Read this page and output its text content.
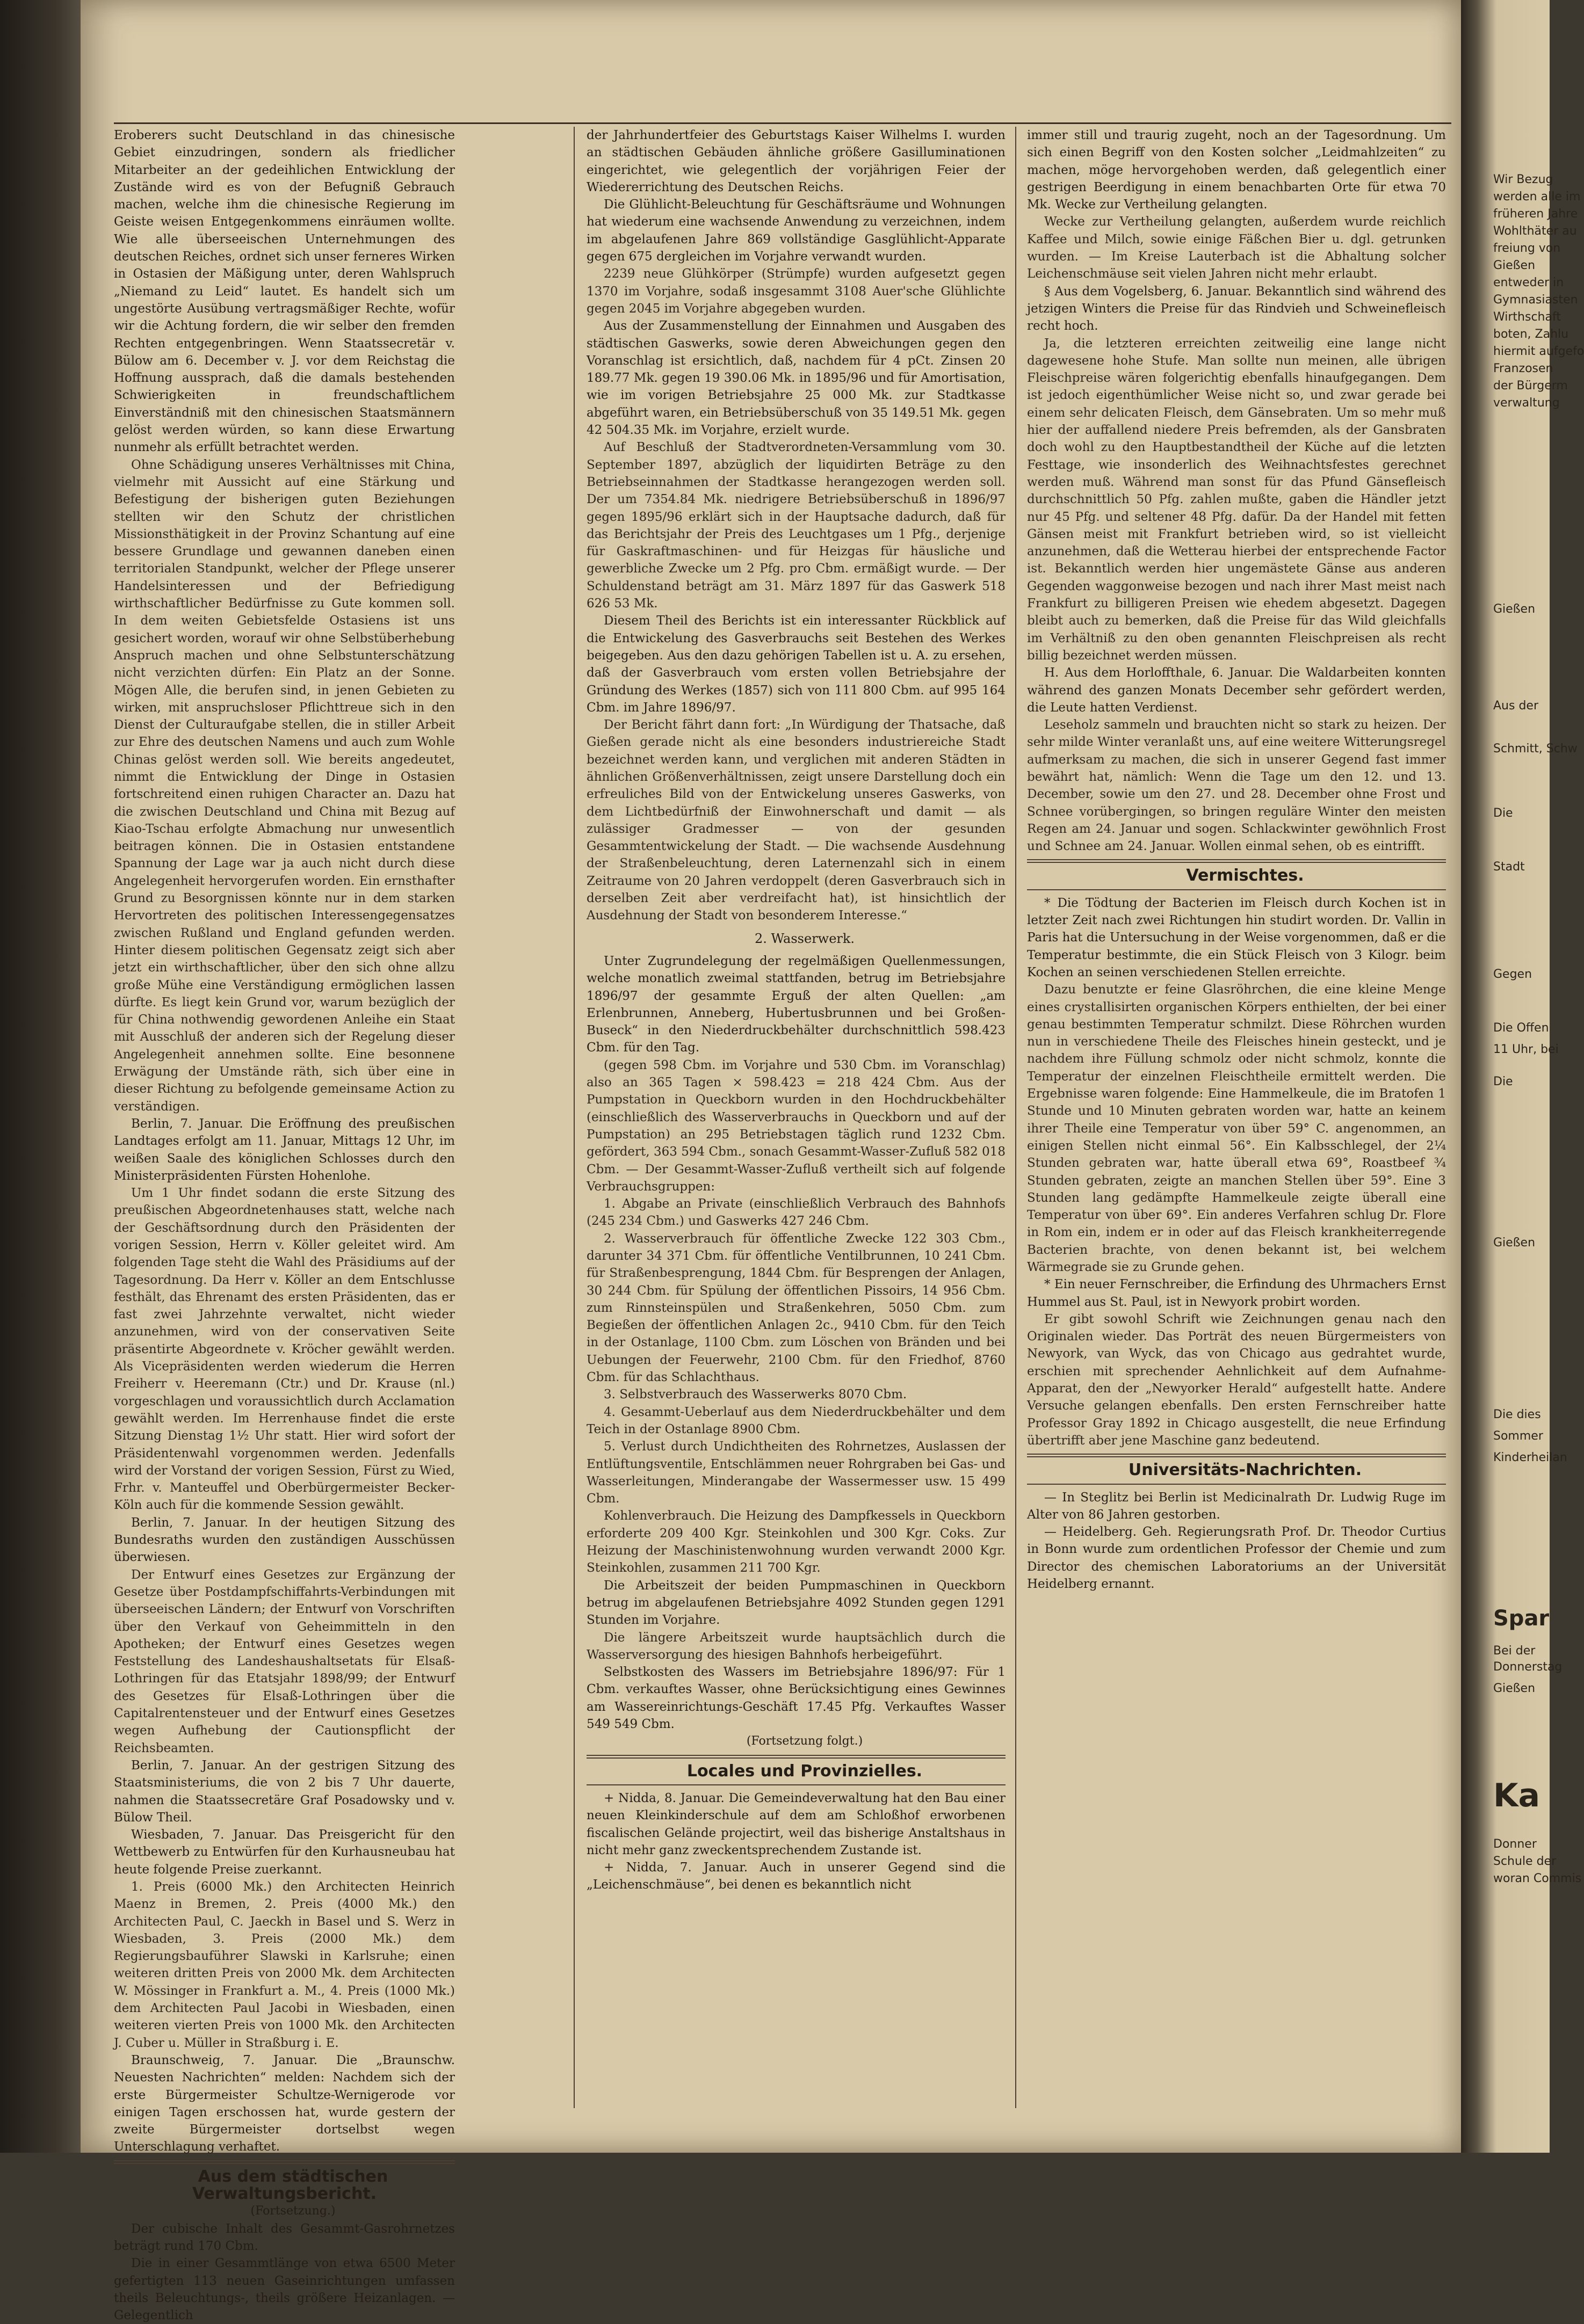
Eroberers sucht Deutschland in das chinesische Gebiet einzudringen, sondern als friedlicher Mitarbeiter an der gedeihlichen Entwicklung der Zustände wird es von der Befugniß Gebrauch machen, welche ihm die chinesische Regierung im Geiste weisen Entgegenkommens einräumen wollte. Wie alle überseeischen Unternehmungen des deutschen Reiches, ordnet sich unser ferneres Wirken in Ostasien der Mäßigung unter, deren Wahlspruch „Niemand zu Leid“ lautet. Es handelt sich um ungestörte Ausübung vertragsmäßiger Rechte, wofür wir die Achtung fordern, die wir selber den fremden Rechten entgegenbringen. Wenn Staatssecretär v. Bülow am 6. December v. J. vor dem Reichstag die Hoffnung aussprach, daß die damals bestehenden Schwierigkeiten in freundschaftlichem Einverständniß mit den chinesischen Staatsmännern gelöst werden würden, so kann diese Erwartung nunmehr als erfüllt betrachtet werden.

Ohne Schädigung unseres Verhältnisses mit China, vielmehr mit Aussicht auf eine Stärkung und Befestigung der bisherigen guten Beziehungen stellten wir den Schutz der christlichen Missionsthätigkeit in der Provinz Schantung auf eine bessere Grundlage und gewannen daneben einen territorialen Standpunkt, welcher der Pflege unserer Handelsinteressen und der Befriedigung wirthschaftlicher Bedürfnisse zu Gute kommen soll. In dem weiten Gebietsfelde Ostasiens ist uns gesichert worden, worauf wir ohne Selbstüberhebung Anspruch machen und ohne Selbstunterschätzung nicht verzichten dürfen: Ein Platz an der Sonne. Mögen Alle, die berufen sind, in jenen Gebieten zu wirken, mit anspruchsloser Pflichttreue sich in den Dienst der Culturaufgabe stellen, die in stiller Arbeit zur Ehre des deutschen Namens und auch zum Wohle Chinas gelöst werden soll. Wie bereits angedeutet, nimmt die Entwicklung der Dinge in Ostasien fortschreitend einen ruhigen Character an. Dazu hat die zwischen Deutschland und China mit Bezug auf Kiao-Tschau erfolgte Abmachung nur unwesentlich beitragen können. Die in Ostasien entstandene Spannung der Lage war ja auch nicht durch diese Angelegenheit hervorgerufen worden. Ein ernsthafter Grund zu Besorgnissen könnte nur in dem starken Hervortreten des politischen Interessengegensatzes zwischen Rußland und England gefunden werden. Hinter diesem politischen Gegensatz zeigt sich aber jetzt ein wirthschaftlicher, über den sich ohne allzu große Mühe eine Verständigung ermöglichen lassen dürfte. Es liegt kein Grund vor, warum bezüglich der für China nothwendig gewordenen Anleihe ein Staat mit Ausschluß der anderen sich der Regelung dieser Angelegenheit annehmen sollte. Eine besonnene Erwägung der Umstände räth, sich über eine in dieser Richtung zu befolgende gemeinsame Action zu verständigen.

Berlin, 7. Januar. Die Eröffnung des preußischen Landtages erfolgt am 11. Januar, Mittags 12 Uhr, im weißen Saale des königlichen Schlosses durch den Ministerpräsidenten Fürsten Hohenlohe.

Um 1 Uhr findet sodann die erste Sitzung des preußischen Abgeordnetenhauses statt, welche nach der Geschäftsordnung durch den Präsidenten der vorigen Session, Herrn v. Köller geleitet wird. Am folgenden Tage steht die Wahl des Präsidiums auf der Tagesordnung. Da Herr v. Köller an dem Entschlusse festhält, das Ehrenamt des ersten Präsidenten, das er fast zwei Jahrzehnte verwaltet, nicht wieder anzunehmen, wird von der conservativen Seite präsentirte Abgeordnete v. Kröcher gewählt werden. Als Vicepräsidenten werden wiederum die Herren Freiherr v. Heeremann (Ctr.) und Dr. Krause (nl.) vorgeschlagen und voraussichtlich durch Acclamation gewählt werden. Im Herrenhause findet die erste Sitzung Dienstag 1½ Uhr statt. Hier wird sofort der Präsidentenwahl vorgenommen werden. Jedenfalls wird der Vorstand der vorigen Session, Fürst zu Wied, Frhr. v. Manteuffel und Oberbürgermeister Becker-Köln auch für die kommende Session gewählt.

Berlin, 7. Januar. In der heutigen Sitzung des Bundesraths wurden den zuständigen Ausschüssen überwiesen.

Der Entwurf eines Gesetzes zur Ergänzung der Gesetze über Postdampfschiffahrts-Verbindungen mit überseeischen Ländern; der Entwurf von Vorschriften über den Verkauf von Geheimmitteln in den Apotheken; der Entwurf eines Gesetzes wegen Feststellung des Landeshaushaltsetats für Elsaß-Lothringen für das Etatsjahr 1898/99; der Entwurf des Gesetzes für Elsaß-Lothringen über die Capitalrentensteuer und der Entwurf eines Gesetzes wegen Aufhebung der Cautionspflicht der Reichsbeamten.

Berlin, 7. Januar. An der gestrigen Sitzung des Staatsministeriums, die von 2 bis 7 Uhr dauerte, nahmen die Staatssecretäre Graf Posadowsky und v. Bülow Theil.

Wiesbaden, 7. Januar. Das Preisgericht für den Wettbewerb zu Entwürfen für den Kurhausneubau hat heute folgende Preise zuerkannt.

1. Preis (6000 Mk.) den Architecten Heinrich Maenz in Bremen, 2. Preis (4000 Mk.) den Architecten Paul, C. Jaeckh in Basel und S. Werz in Wiesbaden, 3. Preis (2000 Mk.) dem Regierungsbauführer Slawski in Karlsruhe; einen weiteren dritten Preis von 2000 Mk. dem Architecten W. Mössinger in Frankfurt a. M., 4. Preis (1000 Mk.) dem Architecten Paul Jacobi in Wiesbaden, einen weiteren vierten Preis von 1000 Mk. den Architecten J. Cuber u. Müller in Straßburg i. E.

Braunschweig, 7. Januar. Die „Braunschw. Neuesten Nachrichten“ melden: Nachdem sich der erste Bürgermeister Schultze-Wernigerode vor einigen Tagen erschossen hat, wurde gestern der zweite Bürgermeister dortselbst wegen Unterschlagung verhaftet.

Aus dem städtischen Verwaltungsbericht.

(Fortsetzung.)

Der cubische Inhalt des Gesammt-Gasrohrnetzes beträgt rund 170 Cbm.

Die in einer Gesammtlänge von etwa 6500 Meter gefertigten 113 neuen Gaseinrichtungen umfassen theils Beleuchtungs-, theils größere Heizanlagen. — Gelegentlich

der Jahrhundertfeier des Geburtstags Kaiser Wilhelms I. wurden an städtischen Gebäuden ähnliche größere Gasilluminationen eingerichtet, wie gelegentlich der vorjährigen Feier der Wiedererrichtung des Deutschen Reichs.

Die Glühlicht-Beleuchtung für Geschäftsräume und Wohnungen hat wiederum eine wachsende Anwendung zu verzeichnen, indem im abgelaufenen Jahre 869 vollständige Gasglühlicht-Apparate gegen 675 dergleichen im Vorjahre verwandt wurden.

2239 neue Glühkörper (Strümpfe) wurden aufgesetzt gegen 1370 im Vorjahre, sodaß insgesammt 3108 Auer'sche Glühlichte gegen 2045 im Vorjahre abgegeben wurden.

Aus der Zusammenstellung der Einnahmen und Ausgaben des städtischen Gaswerks, sowie deren Abweichungen gegen den Voranschlag ist ersichtlich, daß, nachdem für 4 pCt. Zinsen 20 189.77 Mk. gegen 19 390.06 Mk. in 1895/96 und für Amortisation, wie im vorigen Betriebsjahre 25 000 Mk. zur Stadtkasse abgeführt waren, ein Betriebsüberschuß von 35 149.51 Mk. gegen 42 504.35 Mk. im Vorjahre, erzielt wurde.

Auf Beschluß der Stadtverordneten-Versammlung vom 30. September 1897, abzüglich der liquidirten Beträge zu den Betriebseinnahmen der Stadtkasse herangezogen werden soll. Der um 7354.84 Mk. niedrigere Betriebsüberschuß in 1896/97 gegen 1895/96 erklärt sich in der Hauptsache dadurch, daß für das Berichtsjahr der Preis des Leuchtgases um 1 Pfg., derjenige für Gaskraftmaschinen- und für Heizgas für häusliche und gewerbliche Zwecke um 2 Pfg. pro Cbm. ermäßigt wurde. — Der Schuldenstand beträgt am 31. März 1897 für das Gaswerk 518 626 53 Mk.

Diesem Theil des Berichts ist ein interessanter Rückblick auf die Entwickelung des Gasverbrauchs seit Bestehen des Werkes beigegeben. Aus den dazu gehörigen Tabellen ist u. A. zu ersehen, daß der Gasverbrauch vom ersten vollen Betriebsjahre der Gründung des Werkes (1857) sich von 111 800 Cbm. auf 995 164 Cbm. im Jahre 1896/97.

Der Bericht fährt dann fort: „In Würdigung der Thatsache, daß Gießen gerade nicht als eine besonders industriereiche Stadt bezeichnet werden kann, und verglichen mit anderen Städten in ähnlichen Größenverhältnissen, zeigt unsere Darstellung doch ein erfreuliches Bild von der Entwickelung unseres Gaswerks, von dem Lichtbedürfniß der Einwohnerschaft und damit — als zulässiger Gradmesser — von der gesunden Gesammtentwickelung der Stadt. — Die wachsende Ausdehnung der Straßenbeleuchtung, deren Laternenzahl sich in einem Zeitraume von 20 Jahren verdoppelt (deren Gasverbrauch sich in derselben Zeit aber verdreifacht hat), ist hinsichtlich der Ausdehnung der Stadt von besonderem Interesse.“

2. Wasserwerk.

Unter Zugrundelegung der regelmäßigen Quellenmessungen, welche monatlich zweimal stattfanden, betrug im Betriebsjahre 1896/97 der gesammte Erguß der alten Quellen: „am Erlenbrunnen, Anneberg, Hubertusbrunnen und bei Großen-Buseck“ in den Niederdruckbehälter durchschnittlich 598.423 Cbm. für den Tag.

(gegen 598 Cbm. im Vorjahre und 530 Cbm. im Voranschlag) also an 365 Tagen × 598.423 = 218 424 Cbm. Aus der Pumpstation in Queckborn wurden in den Hochdruckbehälter (einschließlich des Wasserverbrauchs in Queckborn und auf der Pumpstation) an 295 Betriebstagen täglich rund 1232 Cbm. gefördert, 363 594 Cbm., sonach Gesammt-Wasser-Zufluß 582 018 Cbm. — Der Gesammt-Wasser-Zufluß vertheilt sich auf folgende Verbrauchsgruppen:

1. Abgabe an Private (einschließlich Verbrauch des Bahnhofs (245 234 Cbm.) und Gaswerks 427 246 Cbm.

2. Wasserverbrauch für öffentliche Zwecke 122 303 Cbm., darunter 34 371 Cbm. für öffentliche Ventilbrunnen, 10 241 Cbm. für Straßenbesprengung, 1844 Cbm. für Besprengen der Anlagen, 30 244 Cbm. für Spülung der öffentlichen Pissoirs, 14 956 Cbm. zum Rinnsteinspülen und Straßenkehren, 5050 Cbm. zum Begießen der öffentlichen Anlagen 2c., 9410 Cbm. für den Teich in der Ostanlage, 1100 Cbm. zum Löschen von Bränden und bei Uebungen der Feuerwehr, 2100 Cbm. für den Friedhof, 8760 Cbm. für das Schlachthaus.

3. Selbstverbrauch des Wasserwerks 8070 Cbm.

4. Gesammt-Ueberlauf aus dem Niederdruckbehälter und dem Teich in der Ostanlage 8900 Cbm.

5. Verlust durch Undichtheiten des Rohrnetzes, Auslassen der Entlüftungsventile, Entschlämmen neuer Rohrgraben bei Gas- und Wasserleitungen, Minderangabe der Wassermesser usw. 15 499 Cbm.

Kohlenverbrauch. Die Heizung des Dampfkessels in Queckborn erforderte 209 400 Kgr. Steinkohlen und 300 Kgr. Coks. Zur Heizung der Maschinistenwohnung wurden verwandt 2000 Kgr. Steinkohlen, zusammen 211 700 Kgr.

Die Arbeitszeit der beiden Pumpmaschinen in Queckborn betrug im abgelaufenen Betriebsjahre 4092 Stunden gegen 1291 Stunden im Vorjahre.

Die längere Arbeitszeit wurde hauptsächlich durch die Wasserversorgung des hiesigen Bahnhofs herbeigeführt.

Selbstkosten des Wassers im Betriebsjahre 1896/97: Für 1 Cbm. verkauftes Wasser, ohne Berücksichtigung eines Gewinnes am Wassereinrichtungs-Geschäft 17.45 Pfg. Verkauftes Wasser 549 549 Cbm.

(Fortsetzung folgt.)

Locales und Provinzielles.

+ Nidda, 8. Januar. Die Gemeindeverwaltung hat den Bau einer neuen Kleinkinderschule auf dem am Schloßhof erworbenen fiscalischen Gelände projectirt, weil das bisherige Anstaltshaus in nicht mehr ganz zweckentsprechendem Zustande ist.

+ Nidda, 7. Januar. Auch in unserer Gegend sind die „Leichenschmäuse“, bei denen es bekanntlich nicht

immer still und traurig zugeht, noch an der Tagesordnung. Um sich einen Begriff von den Kosten solcher „Leidmahlzeiten“ zu machen, möge hervorgehoben werden, daß gelegentlich einer gestrigen Beerdigung in einem benachbarten Orte für etwa 70 Mk. Wecke zur Vertheilung gelangten.

Wecke zur Vertheilung gelangten, außerdem wurde reichlich Kaffee und Milch, sowie einige Fäßchen Bier u. dgl. getrunken wurden. — Im Kreise Lauterbach ist die Abhaltung solcher Leichenschmäuse seit vielen Jahren nicht mehr erlaubt.

§ Aus dem Vogelsberg, 6. Januar. Bekanntlich sind während des jetzigen Winters die Preise für das Rindvieh und Schweinefleisch recht hoch.

Ja, die letzteren erreichten zeitweilig eine lange nicht dagewesene hohe Stufe. Man sollte nun meinen, alle übrigen Fleischpreise wären folgerichtig ebenfalls hinaufgegangen. Dem ist jedoch eigenthümlicher Weise nicht so, und zwar gerade bei einem sehr delicaten Fleisch, dem Gänsebraten. Um so mehr muß hier der auffallend niedere Preis befremden, als der Gansbraten doch wohl zu den Hauptbestandtheil der Küche auf die letzten Festtage, wie insonderlich des Weihnachtsfestes gerechnet werden muß. Während man sonst für das Pfund Gänsefleisch durchschnittlich 50 Pfg. zahlen mußte, gaben die Händler jetzt nur 45 Pfg. und seltener 48 Pfg. dafür. Da der Handel mit fetten Gänsen meist mit Frankfurt betrieben wird, so ist vielleicht anzunehmen, daß die Wetterau hierbei der entsprechende Factor ist. Bekanntlich werden hier ungemästete Gänse aus anderen Gegenden waggonweise bezogen und nach ihrer Mast meist nach Frankfurt zu billigeren Preisen wie ehedem abgesetzt. Dagegen bleibt auch zu bemerken, daß die Preise für das Wild gleichfalls im Verhältniß zu den oben genannten Fleischpreisen als recht billig bezeichnet werden müssen.

H. Aus dem Horloffthale, 6. Januar. Die Waldarbeiten konnten während des ganzen Monats December sehr gefördert werden, die Leute hatten Verdienst.

Leseholz sammeln und brauchten nicht so stark zu heizen. Der sehr milde Winter veranlaßt uns, auf eine weitere Witterungsregel aufmerksam zu machen, die sich in unserer Gegend fast immer bewährt hat, nämlich: Wenn die Tage um den 12. und 13. December, sowie um den 27. und 28. December ohne Frost und Schnee vorübergingen, so bringen reguläre Winter den meisten Regen am 24. Januar und sogen. Schlackwinter gewöhnlich Frost und Schnee am 24. Januar. Wollen einmal sehen, ob es eintrifft.

Vermischtes.

* Die Tödtung der Bacterien im Fleisch durch Kochen ist in letzter Zeit nach zwei Richtungen hin studirt worden. Dr. Vallin in Paris hat die Untersuchung in der Weise vorgenommen, daß er die Temperatur bestimmte, die ein Stück Fleisch von 3 Kilogr. beim Kochen an seinen verschiedenen Stellen erreichte.

Dazu benutzte er feine Glasröhrchen, die eine kleine Menge eines crystallisirten organischen Körpers enthielten, der bei einer genau bestimmten Temperatur schmilzt. Diese Röhrchen wurden nun in verschiedene Theile des Fleisches hinein gesteckt, und je nachdem ihre Füllung schmolz oder nicht schmolz, konnte die Temperatur der einzelnen Fleischtheile ermittelt werden. Die Ergebnisse waren folgende: Eine Hammelkeule, die im Bratofen 1 Stunde und 10 Minuten gebraten worden war, hatte an keinem ihrer Theile eine Temperatur von über 59° C. angenommen, an einigen Stellen nicht einmal 56°. Ein Kalbsschlegel, der 2¼ Stunden gebraten war, hatte überall etwa 69°, Roastbeef ¾ Stunden gebraten, zeigte an manchen Stellen über 59°. Eine 3 Stunden lang gedämpfte Hammelkeule zeigte überall eine Temperatur von über 69°. Ein anderes Verfahren schlug Dr. Flore in Rom ein, indem er in oder auf das Fleisch krankheiterregende Bacterien brachte, von denen bekannt ist, bei welchem Wärmegrade sie zu Grunde gehen.

* Ein neuer Fernschreiber, die Erfindung des Uhrmachers Ernst Hummel aus St. Paul, ist in Newyork probirt worden.

Er gibt sowohl Schrift wie Zeichnungen genau nach den Originalen wieder. Das Porträt des neuen Bürgermeisters von Newyork, van Wyck, das von Chicago aus gedrahtet wurde, erschien mit sprechender Aehnlichkeit auf dem Aufnahme-Apparat, den der „Newyorker Herald“ aufgestellt hatte. Andere Versuche gelangen ebenfalls. Den ersten Fernschreiber hatte Professor Gray 1892 in Chicago ausgestellt, die neue Erfindung übertrifft aber jene Maschine ganz bedeutend.

Universitäts-Nachrichten.

— In Steglitz bei Berlin ist Medicinalrath Dr. Ludwig Ruge im Alter von 86 Jahren gestorben.

— Heidelberg. Geh. Regierungsrath Prof. Dr. Theodor Curtius in Bonn wurde zum ordentlichen Professor der Chemie und zum Director des chemischen Laboratoriums an der Universität Heidelberg ernannt.

Wir Bezug
werden alle im
früheren Jahre
Wohlthäter au
freiung von
Gießen
entweder in
Gymnasiasten
Wirthschaft
boten, Zahlu
hiermit aufgefo
Franzosen
der Bürgerm
verwaltung
Gießen
Aus der
Schmitt, Schw
Die
Stadt
Gegen
Die Offen
11 Uhr, bei
Die
Gießen
Die dies
Sommer
Kinderheilan
Spar
Bei der
Donnerstag
Gießen
Ka
Donner
Schule der
woran Commis
